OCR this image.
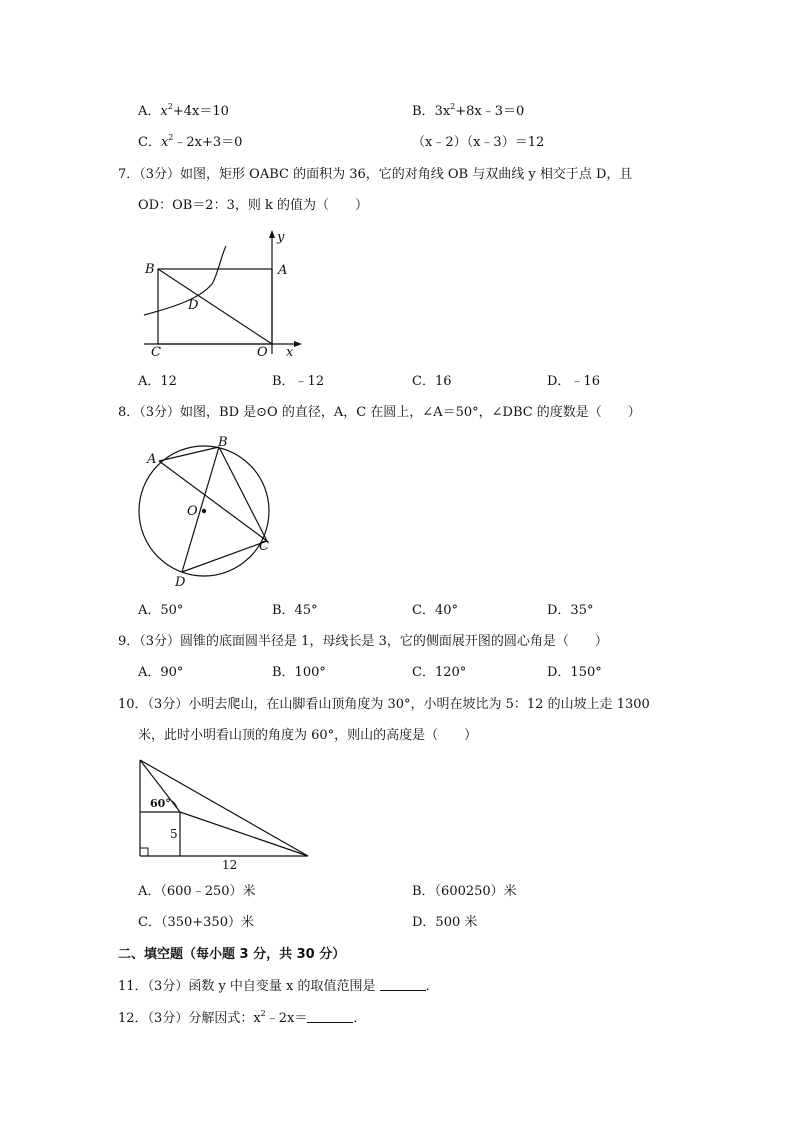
A．$x^2+4x=10$	B．$3x^2+8x﹣3=0$
C．$x^2﹣2x+3=0$	（x﹣2）（x﹣3）＝12
7．（3分）如图，矩形 OABC 的面积为 36，它的对角线 OB 与双曲线 y 相交于点 D，且
OD：OB＝2：3，则 k 的值为（　　）
y
B	A
D
C	O x
A．12	B．﹣12	C．16	D．﹣16
8．（3分）如图，BD 是⊙O 的直径，A，C 在圆上，∠A＝50°，∠DBC 的度数是（　　）
A
B
O
C
D
A．50°	B．45°	C．40°	D．35°
9．（3分）圆锥的底面圆半径是 1，母线长是 3，它的侧面展开图的圆心角是（　　）
A．90°	B．100°	C．120°	D．150°
10．（3分）小明去爬山，在山脚看山顶角度为 30°，小明在坡比为 5：12 的山坡上走 1300
米，此时小明看山顶的角度为 60°，则山的高度是（　　）
60°
5
12
A．（600﹣250）米	B．（600250）米
C．（350+350）米	D．500 米
二、填空题（每小题 3 分，共 30 分）
11．（3分）函数 y 中自变量 x 的取值范围是	．
12．（3分）分解因式：$x^2﹣2x=$	．
